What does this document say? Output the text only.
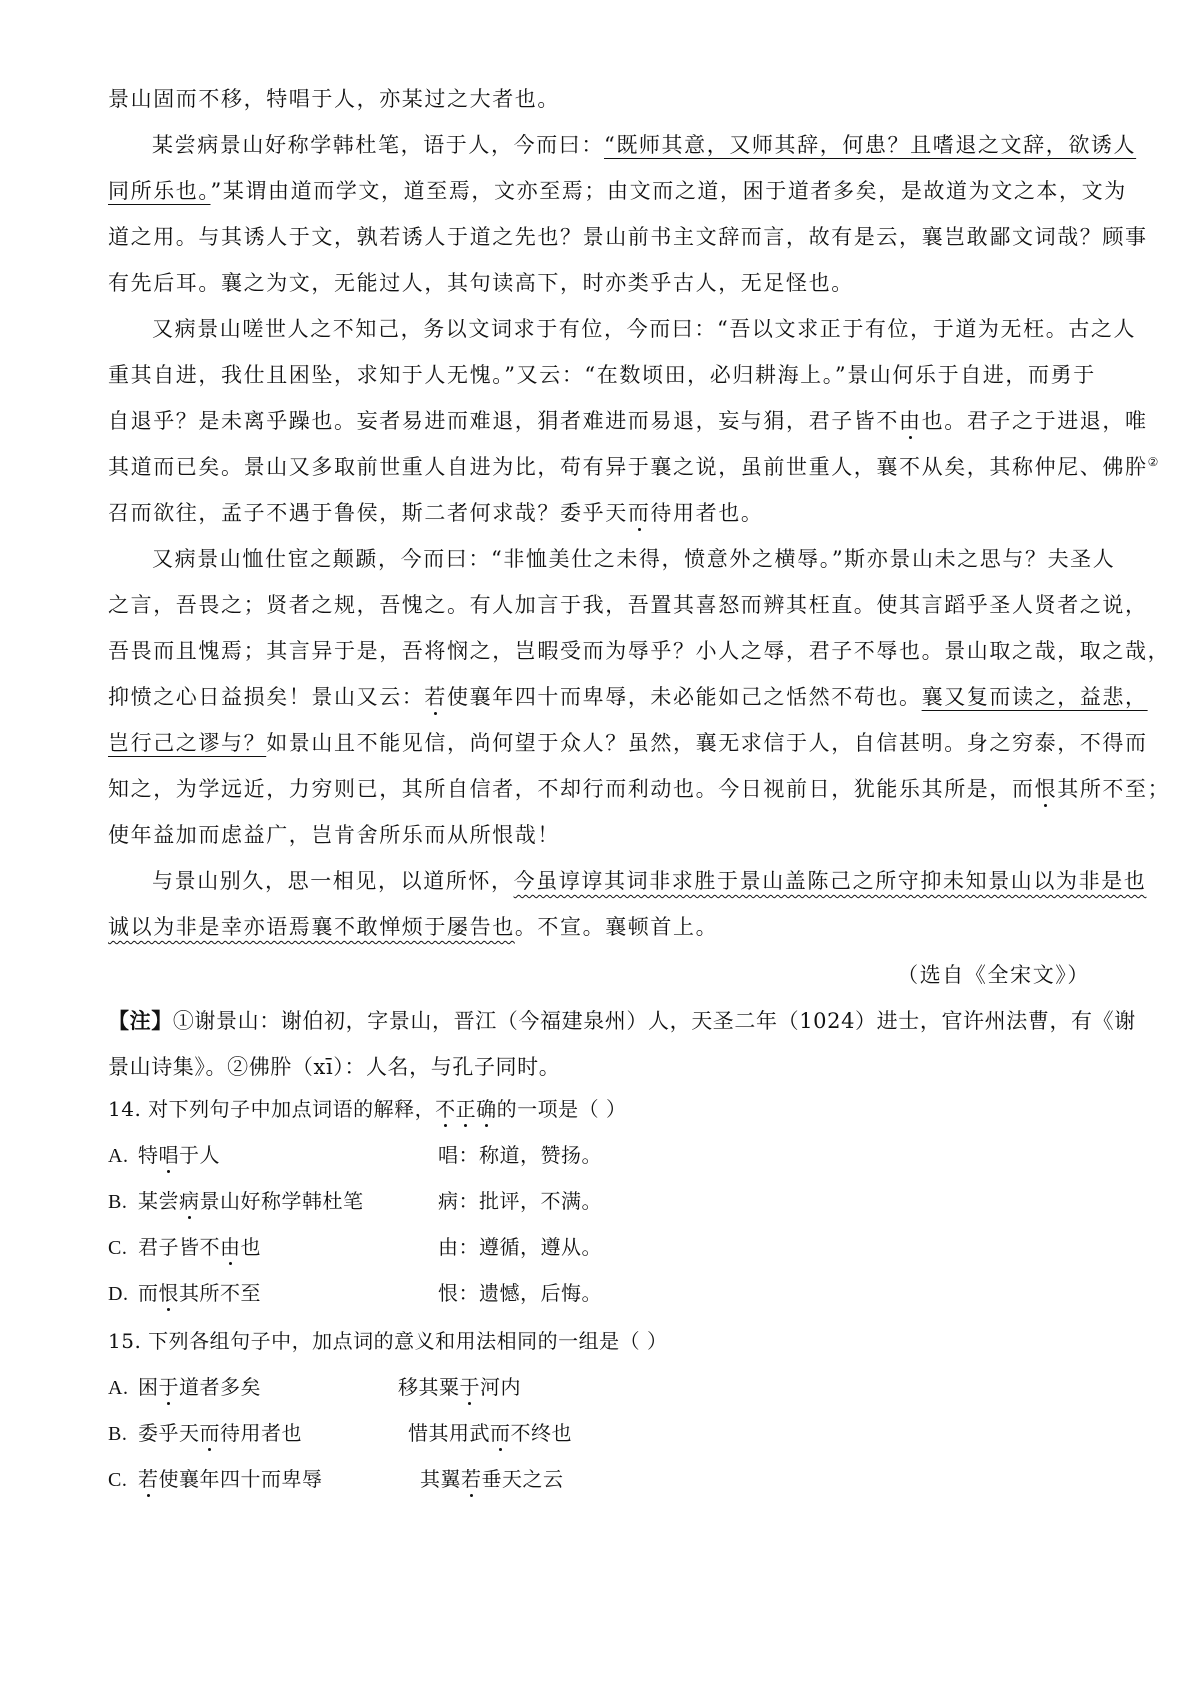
景山固而不移，特唱于人，亦某过之大者也。
某尝病景山好称学韩杜笔，语于人，今而曰：“既师其意，又师其辞，何患？且嗜退之文辞，欲诱人
同所乐也。”某谓由道而学文，道至焉，文亦至焉；由文而之道，困于道者多矣，是故道为文之本，文为
道之用。与其诱人于文，孰若诱人于道之先也？景山前书主文辞而言，故有是云，襄岂敢鄙文词哉？顾事
有先后耳。襄之为文，无能过人，其句读高下，时亦类乎古人，无足怪也。
又病景山嗟世人之不知己，务以文词求于有位，今而曰：“吾以文求正于有位，于道为无枉。古之人
重其自进，我仕且困坠，求知于人无愧。”又云：“在数顷田，必归耕海上。”景山何乐于自进，而勇于
自退乎？是未离乎躁也。妄者易进而难退，狷者难进而易退，妄与狷，君子皆不由也。君子之于进退，唯
其道而已矣。景山又多取前世重人自进为比，苟有异于襄之说，虽前世重人，襄不从矣，其称仲尼、佛肸②
召而欲往，孟子不遇于鲁侯，斯二者何求哉？委乎天而待用者也。
又病景山恤仕宦之颠踬，今而曰：“非恤美仕之未得，愤意外之横辱。”斯亦景山未之思与？夫圣人
之言，吾畏之；贤者之规，吾愧之。有人加言于我，吾置其喜怒而辨其枉直。使其言蹈乎圣人贤者之说，
吾畏而且愧焉；其言异于是，吾将悯之，岂暇受而为辱乎？小人之辱，君子不辱也。景山取之哉，取之哉，
抑愤之心日益损矣！景山又云：若使襄年四十而卑辱，未必能如己之恬然不苟也。襄又复而读之，益悲，
岂行己之谬与？如景山且不能见信，尚何望于众人？虽然，襄无求信于人，自信甚明。身之穷泰，不得而
知之，为学远近，力穷则已，其所自信者，不却行而利动也。今日视前日，犹能乐其所是，而恨其所不至；
使年益加而虑益广，岂肯舍所乐而从所恨哉！
与景山别久，思一相见，以道所怀，今虽谆谆其词非求胜于景山盖陈己之所守抑未知景山以为非是也
诚以为非是幸亦语焉襄不敢惮烦于屡告也。不宣。襄顿首上。
（选自《全宋文》）
【注】①谢景山：谢伯初，字景山，晋江（今福建泉州）人，天圣二年（1024）进士，官许州法曹，有《谢
景山诗集》。②佛肸（xī）：人名，与孔子同时。
14. 对下列句子中加点词语的解释，不正确的一项是（ ）
A. 特唱于人	唱：称道，赞扬。
B. 某尝病景山好称学韩杜笔	病：批评，不满。
C. 君子皆不由也	由：遵循，遵从。
D. 而恨其所不至	恨：遗憾，后悔。
15. 下列各组句子中，加点词的意义和用法相同的一组是（ ）
A. 困于道者多矣	移其粟于河内
B. 委乎天而待用者也	惜其用武而不终也
C. 若使襄年四十而卑辱	其翼若垂天之云
